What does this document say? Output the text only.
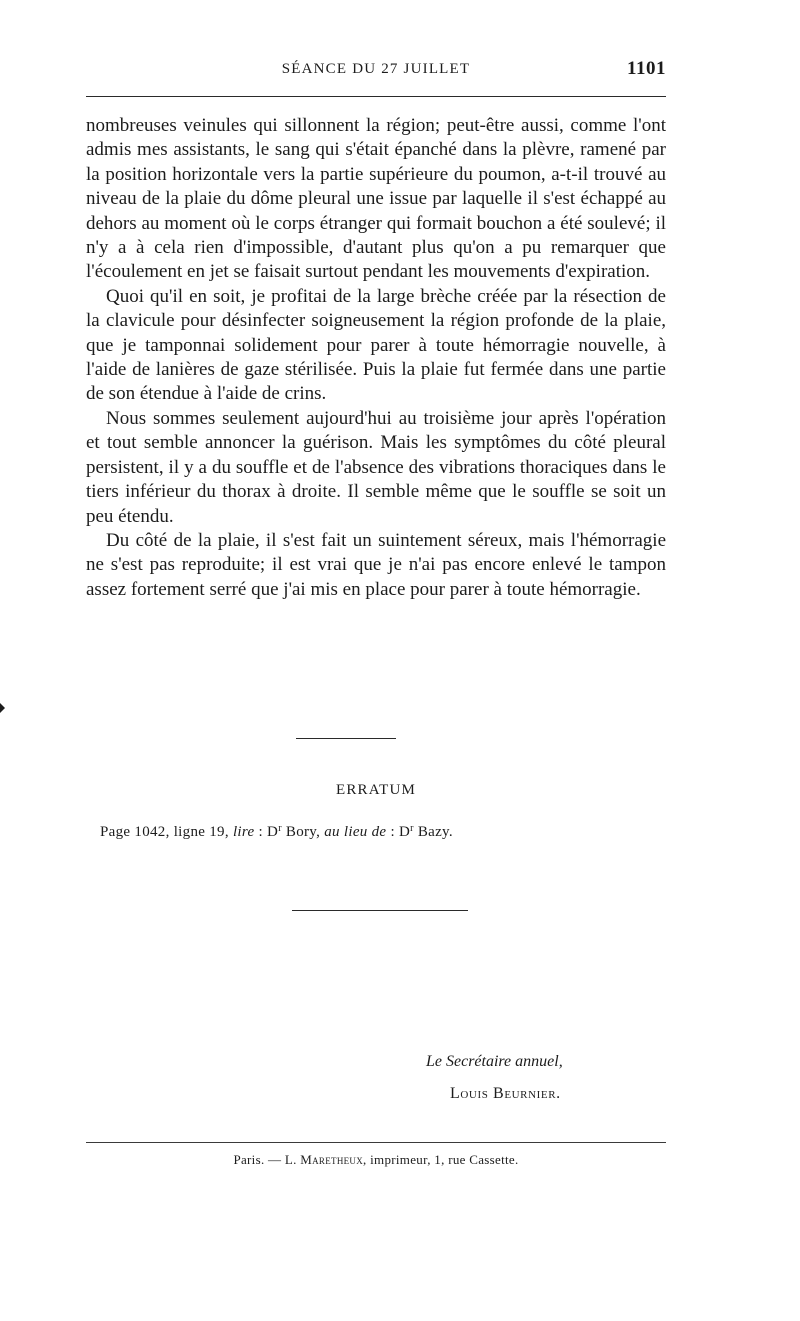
SÉANCE DU 27 JUILLET	1101

nombreuses veinules qui sillonnent la région; peut-être aussi, comme l'ont admis mes assistants, le sang qui s'était épanché dans la plèvre, ramené par la position horizontale vers la partie supérieure du poumon, a-t-il trouvé au niveau de la plaie du dôme pleural une issue par laquelle il s'est échappé au dehors au moment où le corps étranger qui formait bouchon a été soulevé; il n'y a à cela rien d'impossible, d'autant plus qu'on a pu remarquer que l'écoulement en jet se faisait surtout pendant les mouvements d'expiration.

Quoi qu'il en soit, je profitai de la large brèche créée par la résection de la clavicule pour désinfecter soigneusement la région profonde de la plaie, que je tamponnai solidement pour parer à toute hémorragie nouvelle, à l'aide de lanières de gaze stérilisée. Puis la plaie fut fermée dans une partie de son étendue à l'aide de crins.

Nous sommes seulement aujourd'hui au troisième jour après l'opération et tout semble annoncer la guérison. Mais les symptômes du côté pleural persistent, il y a du souffle et de l'absence des vibrations thoraciques dans le tiers inférieur du thorax à droite. Il semble même que le souffle se soit un peu étendu.

Du côté de la plaie, il s'est fait un suintement séreux, mais l'hémorragie ne s'est pas reproduite; il est vrai que je n'ai pas encore enlevé le tampon assez fortement serré que j'ai mis en place pour parer à toute hémorragie.

ERRATUM
Page 1042, ligne 19, lire : $D^r$ Bory, au lieu de : $D^r$ Bazy.
Le Secrétaire annuel,
Louis Beurnier.
Paris. — L. Maretheux, imprimeur, 1, rue Cassette.
